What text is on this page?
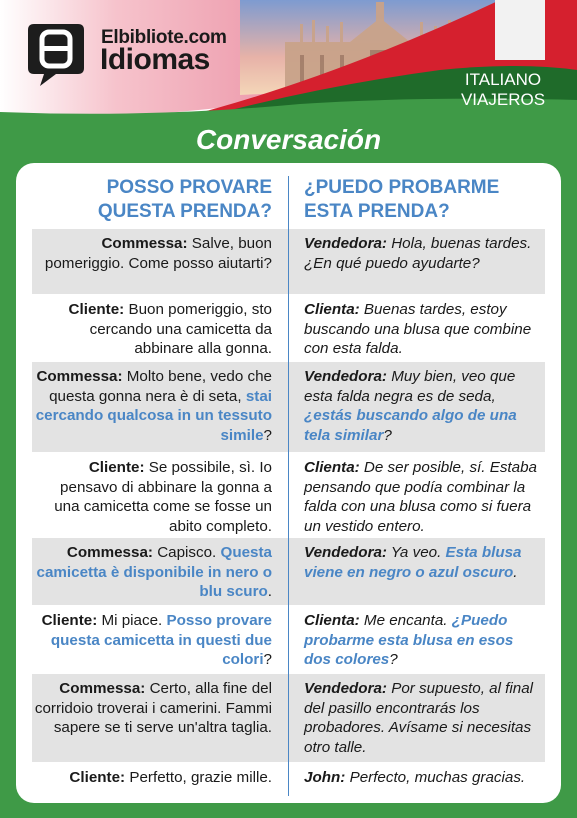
Elbibliote.com
Idiomas
ITALIANO
VIAJEROS
Conversación
POSSO PROVARE QUESTA PRENDA?
¿PUEDO PROBARME ESTA PRENDA?
Commessa: Salve, buon pomeriggio. Come posso aiutarti?
Vendedora: Hola, buenas tardes. ¿En qué puedo ayudarte?
Cliente: Buon pomeriggio, sto cercando una camicetta da abbinare alla gonna.
Clienta: Buenas tardes, estoy buscando una blusa que combine con esta falda.
Commessa: Molto bene, vedo che questa gonna nera è di seta, stai cercando qualcosa in un tessuto simile?
Vendedora: Muy bien, veo que esta falda negra es de seda, ¿estás buscando algo de una tela similar?
Cliente: Se possibile, sì. Io pensavo di abbinare la gonna a una camicetta come se fosse un abito completo.
Clienta: De ser posible, sí. Estaba pensando que podía combinar la falda con una blusa como si fuera un vestido entero.
Commessa: Capisco. Questa camicetta è disponibile in nero o blu scuro.
Vendedora: Ya veo. Esta blusa viene en negro o azul oscuro.
Cliente: Mi piace. Posso provare questa camicetta in questi due colori?
Clienta: Me encanta. ¿Puedo probarme esta blusa en esos dos colores?
Commessa: Certo, alla fine del corridoio troverai i camerini. Fammi sapere se ti serve un'altra taglia.
Vendedora: Por supuesto, al final del pasillo encontrarás los probadores. Avísame si necesitas otro talle.
Cliente: Perfetto, grazie mille. John: Perfecto, muchas gracias.
